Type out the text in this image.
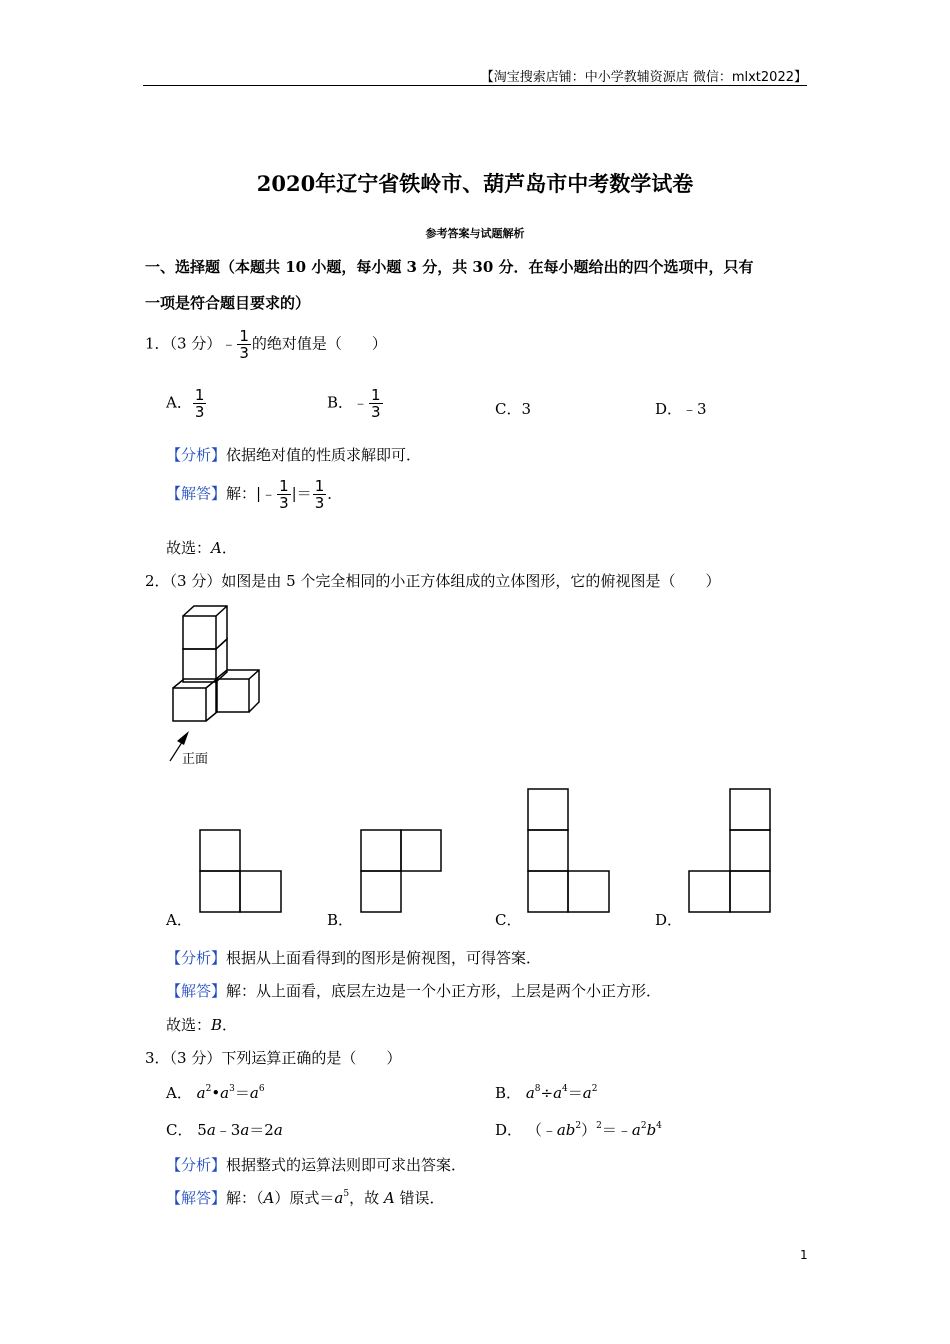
【淘宝搜索店铺：中小学教辅资源店 微信：mlxt2022】
2020年辽宁省铁岭市、葫芦岛市中考数学试卷
参考答案与试题解析
一、选择题（本题共 10 小题，每小题 3 分，共 30 分．在每小题给出的四个选项中，只有
一项是符合题目要求的）
1．（3 分）﹣ $\frac{1}{3}$ 的绝对值是（　　）
A． $\frac{1}{3}$	B．﹣ $\frac{1}{3}$	C．3	D．﹣3
【分析】依据绝对值的性质求解即可．
【解答】解：|﹣ $\frac{1}{3}$ |＝ $\frac{1}{3}$ ．
故选：A．
2．（3 分）如图是由 5 个完全相同的小正方体组成的立体图形，它的俯视图是（　　）
正面
A．	B．	C．	D．
【分析】根据从上面看得到的图形是俯视图，可得答案．
【解答】解：从上面看，底层左边是一个小正方形，上层是两个小正方形．
故选：B．
3．（3 分）下列运算正确的是（　　）
A． $a^2•a^3=a^6$	B． $a^8\div a^4=a^2$
C． 5a﹣3a＝2a	D． $(﹣ab^2)^2=﹣a^2b^4$
【分析】根据整式的运算法则即可求出答案．
【解答】解：（A）原式$=a^5$，故 A 错误．
1
